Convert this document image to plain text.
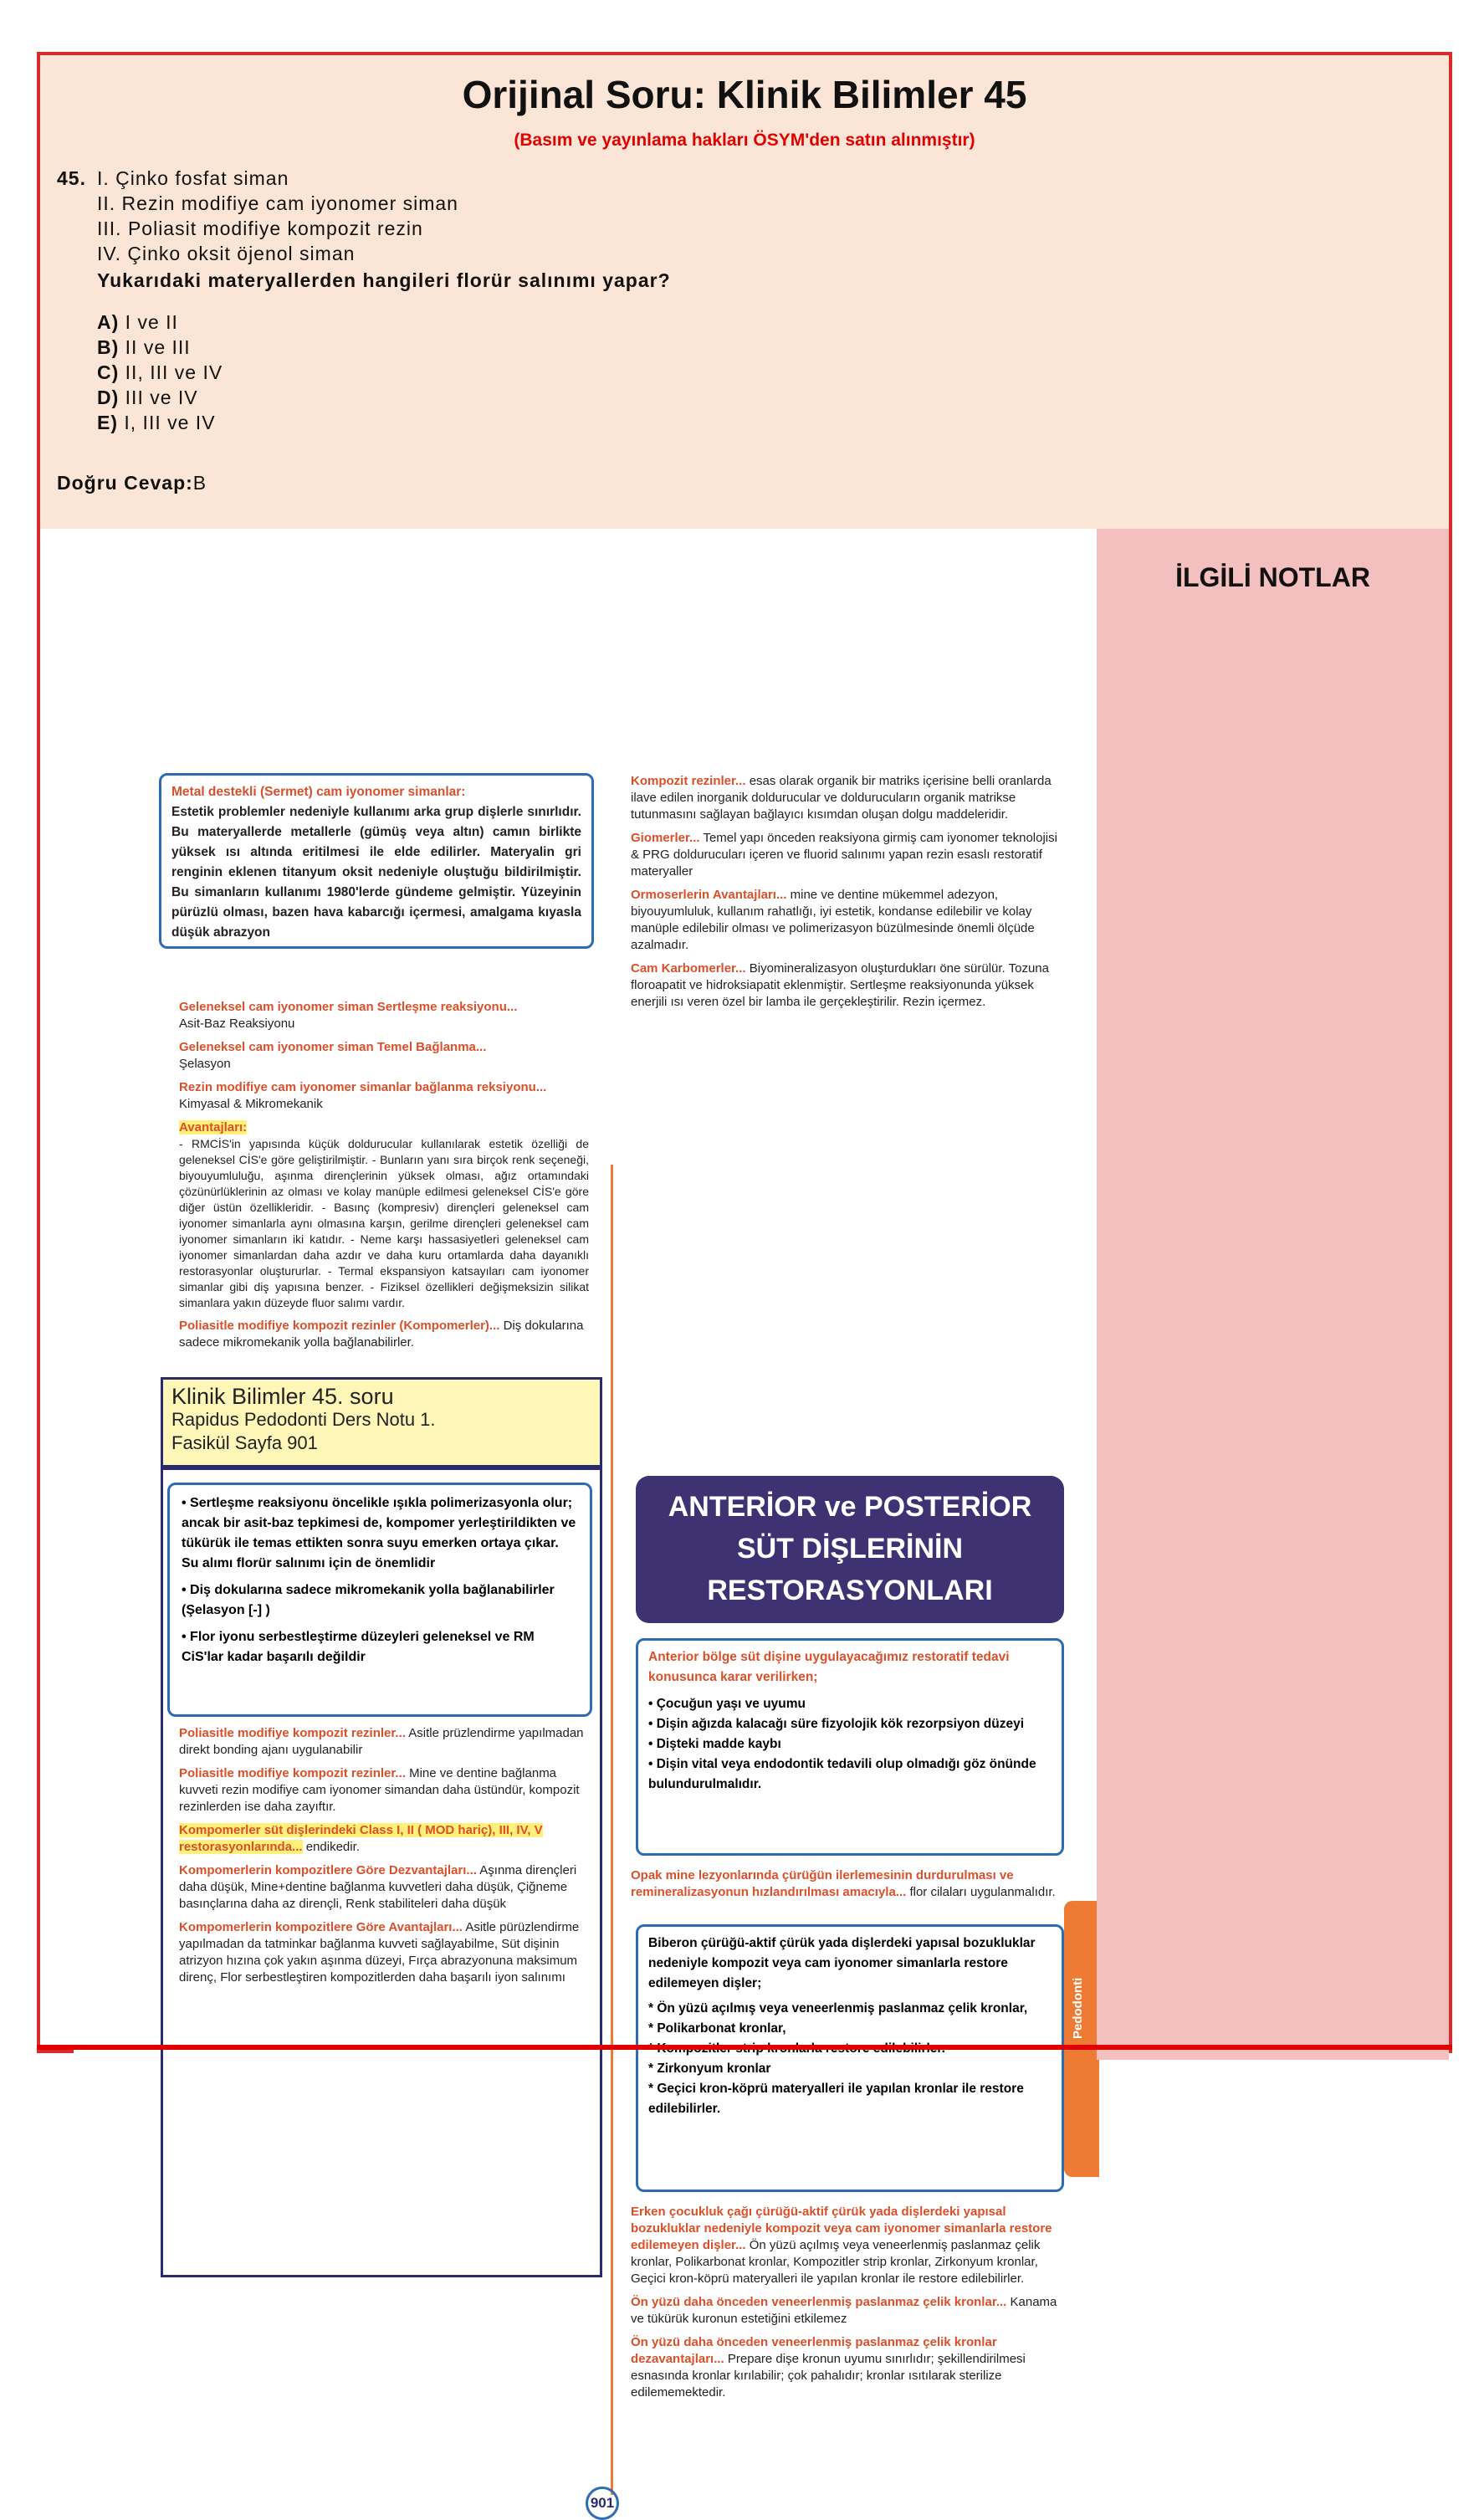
Orijinal Soru: Klinik Bilimler 45
(Basım ve yayınlama hakları ÖSYM'den satın alınmıştır)
45. I. Çinko fosfat siman
II. Rezin modifiye cam iyonomer siman
III. Poliasit modifiye kompozit rezin
IV. Çinko oksit öjenol siman
Yukarıdaki materyallerden hangileri florür salınımı yapar?
A) I ve II
B) II ve III
C) II, III ve IV
D) III ve IV
E) I, III ve IV
Doğru Cevap:B
Metal destekli (Sermet) cam iyonomer simanlar:
Estetik problemler nedeniyle kullanımı arka grup dişlerle sınırlıdır. Bu materyallerde metallerle (gümüş veya altın) camın birlikte yüksek ısı altında eritilmesi ile elde edilirler. Materyalin gri renginin eklenen titanyum oksit nedeniyle oluştuğu bildirilmiştir. Bu simanların kullanımı 1980'lerde gündeme gelmiştir. Yüzeyinin pürüzlü olması, bazen hava kabarcığı içermesi, amalgama kıyasla düşük abrazyon
Klinik Bilimler 45. soru
Rapidus Pedodonti Ders Notu 1.
Fasikül Sayfa 901
Geleneksel cam iyonomer siman Sertleşme reaksiyonu...
Asit-Baz Reaksiyonu
Geleneksel cam iyonomer siman Temel Bağlanma...
Şelasyon
Rezin modifiye cam iyonomer simanlar bağlanma reksiyonu...
Kimyasal & Mikromekanik
Avantajları:
- RMCİS'in yapısında küçük doldurucular kullanılarak estetik özelliği de geleneksel CİS'e göre geliştirilmiştir. - Bunların yanı sıra birçok renk seçeneği, biyouyumluluğu, aşınma dirençlerinin yüksek olması, ağız ortamındaki çözünürlüklerinin az olması ve kolay manüple edilmesi geleneksel CİS'e göre diğer üstün özellikleridir. - Basınç (kompresiv) dirençleri geleneksel cam iyonomer simanlarla aynı olmasına karşın, gerilme dirençleri geleneksel cam iyonomer simanların iki katıdır. - Neme karşı hassasiyetleri geleneksel cam iyonomer simanlardan daha azdır ve daha kuru ortamlarda daha dayanıklı restorasyonlar oluştururlar. - Termal ekspansiyon katsayıları cam iyonomer simanlar gibi diş yapısına benzer. - Fiziksel özellikleri değişmeksizin silikat simanlara yakın düzeyde fluor salımı vardır.
Poliasitle modifiye kompozit rezinler (Kompomerler)... Diş dokularına sadece mikromekanik yolla bağlanabilirler.
• Sertleşme reaksiyonu öncelikle ışıkla polimerizasyonla olur; ancak bir asit-baz tepkimesi de, kompomer yerleştirildikten ve tükürük ile temas ettikten sonra suyu emerken ortaya çıkar. Su alımı florür salınımı için de önemlidir
• Diş dokularına sadece mikromekanik yolla bağlanabilirler (Şelasyon [-] )
• Flor iyonu serbestleştirme düzeyleri geleneksel ve RM CiS'lar kadar başarılı değildir
Poliasitle modifiye kompozit rezinler... Asitle prüzlendirme yapılmadan direkt bonding ajanı uygulanabilir
Poliasitle modifiye kompozit rezinler... Mine ve dentine bağlanma kuvveti rezin modifiye cam iyonomer simandan daha üstündür, kompozit rezinlerden ise daha zayıftır.
Kompomerler süt dişlerindeki Class I, II ( MOD hariç), III, IV, V restorasyonlarında... endikedir.
Kompomerlerin kompozitlere Göre Dezvantajları... Aşınma dirençleri daha düşük, Mine+dentine bağlanma kuvvetleri daha düşük, Çiğneme basınçlarına daha az dirençli, Renk stabiliteleri daha düşük
Kompomerlerin kompozitlere Göre Avantajları... Asitle pürüzlendirme yapılmadan da tatminkar bağlanma kuvveti sağlayabilme, Süt dişinin atrizyon hızına çok yakın aşınma düzeyi, Fırça abrazyonuna maksimum direnç, Flor serbestleştiren kompozitlerden daha başarılı iyon salınımı
Kompozit rezinler... esas olarak organik bir matriks içerisine belli oranlarda ilave edilen inorganik doldurucular ve doldurucuların organik matrikse tutunmasını sağlayan bağlayıcı kısımdan oluşan dolgu maddeleridir.
Giomerler... Temel yapı önceden reaksiyona girmiş cam iyonomer teknolojisi & PRG doldurucuları içeren ve fluorid salınımı yapan rezin esaslı restoratif materyaller
Ormoserlerin Avantajları... mine ve dentine mükemmel adezyon, biyouyumluluk, kullanım rahatlığı, iyi estetik, kondanse edilebilir ve kolay manüple edilebilir olması ve polimerizasyon büzülmesinde önemli ölçüde azalmadır.
Cam Karbomerler... Biyomineralizasyon oluşturdukları öne sürülür. Tozuna floroapatit ve hidroksiapatit eklenmiştir. Sertleşme reaksiyonunda yüksek enerjili ısı veren özel bir lamba ile gerçekleştirilir. Rezin içermez.
ANTERİOR ve POSTERİOR
SÜT DİŞLERİNİN
RESTORASYONLARI
Anterior bölge süt dişine uygulayacağımız restoratif tedavi konusunca karar verilirken;
• Çocuğun yaşı ve uyumu
• Dişin ağızda kalacağı süre fizyolojik kök rezorpsiyon düzeyi
• Dişteki madde kaybı
• Dişin vital veya endodontik tedavili olup olmadığı göz önünde bulundurulmalıdır.
Opak mine lezyonlarında çürüğün ilerlemesinin durdurulması ve remineralizasyonun hızlandırılması amacıyla... flor cilaları uygulanmalıdır.
Biberon çürüğü-aktif çürük yada dişlerdeki yapısal bozukluklar nedeniyle kompozit veya cam iyonomer simanlarla restore edilemeyen dişler;
* Ön yüzü açılmış veya veneerlenmiş paslanmaz çelik kronlar,
* Polikarbonat kronlar,
* Zirkonyum kronlar
* Geçici kron-köprü materyalleri ile yapılan kronlar ile restore edilebilirler.
Erken çocukluk çağı çürüğü-aktif çürük yada dişlerdeki yapısal bozukluklar nedeniyle kompozit veya cam iyonomer simanlarla restore edilemeyen dişler... Ön yüzü açılmış veya veneerlenmiş paslanmaz çelik kronlar, Polikarbonat kronlar, Kompozitler strip kronlar, Zirkonyum kronlar, Geçici kron-köprü materyalleri ile yapılan kronlar ile restore edilebilirler.
Ön yüzü daha önceden veneerlenmiş paslanmaz çelik kronlar... Kanama ve tükürük kuronun estetiğini etkilemez
Ön yüzü daha önceden veneerlenmiş paslanmaz çelik kronlar dezavantajları... Prepare dişe kronun uyumu sınırlıdır; şekillendirilmesi esnasında kronlar kırılabilir; çok pahalıdır; kronlar ısıtılarak sterilize edilememektedir.
Pedodonti
901
İLGİLİ NOTLAR
